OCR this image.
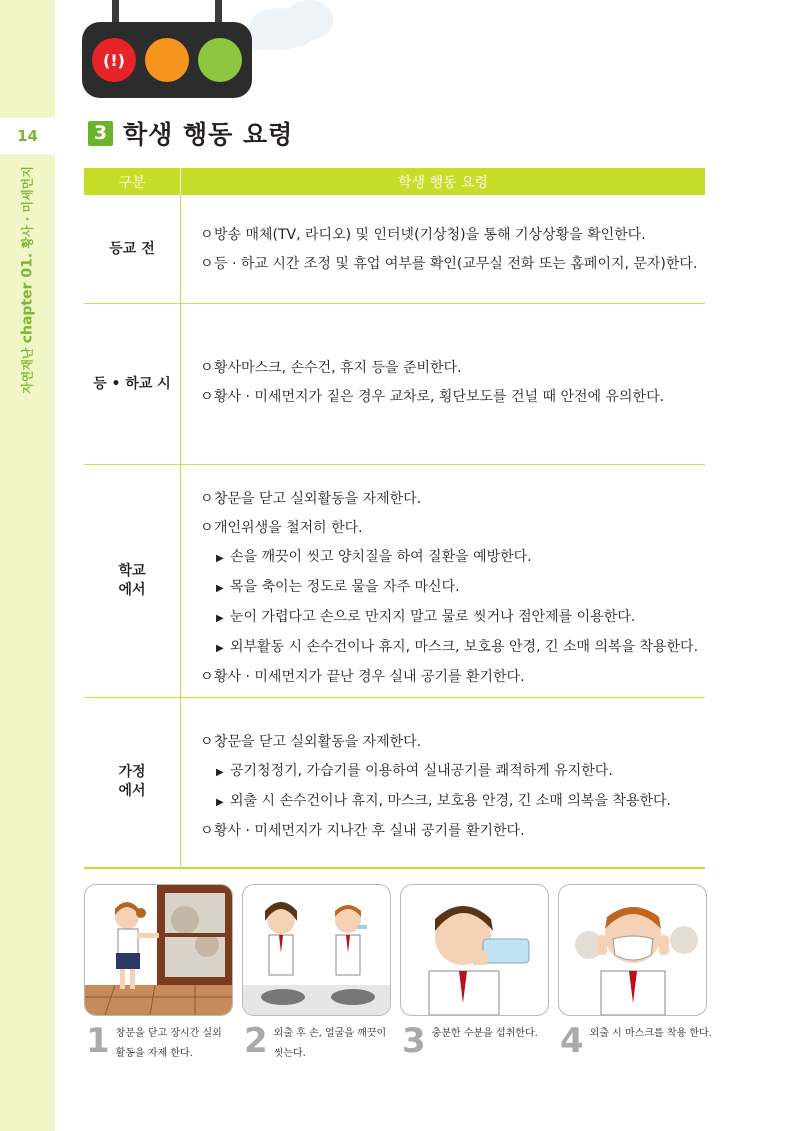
14
자연재난 chapter 01. 황사 · 미세먼지
(!)
3 학생 행동 요령
구분	학생 행동 요령
등교 전
ㅇ방송 매체(TV, 라디오) 및 인터넷(기상청)을 통해 기상상황을 확인한다.
ㅇ등 · 하교 시간 조정 및 휴업 여부를 확인(교무실 전화 또는 홈페이지, 문자)한다.
등 • 하교 시
ㅇ황사마스크, 손수건, 휴지 등을 준비한다.
ㅇ황사 · 미세먼지가 짙은 경우 교차로, 횡단보도를 건널 때 안전에 유의한다.
학교
에서
ㅇ창문을 닫고 실외활동을 자제한다.
ㅇ개인위생을 철저히 한다.
▶ 손을 깨끗이 씻고 양치질을 하여 질환을 예방한다.
▶ 목을 축이는 정도로 물을 자주 마신다.
▶ 눈이 가렵다고 손으로 만지지 말고 물로 씻거나 점안제를 이용한다.
▶ 외부활동 시 손수건이나 휴지, 마스크, 보호용 안경, 긴 소매 의복을 착용한다.
ㅇ황사 · 미세먼지가 끝난 경우 실내 공기를 환기한다.
가정
에서
ㅇ창문을 닫고 실외활동을 자제한다.
▶ 공기청정기, 가습기를 이용하여 실내공기를 쾌적하게 유지한다.
▶ 외출 시 손수건이나 휴지, 마스크, 보호용 안경, 긴 소매 의복을 착용한다.
ㅇ황사 · 미세먼지가 지나간 후 실내 공기를 환기한다.
1 창문을 닫고 장시간 실외
활동을 자제 한다.	2 외출 후 손, 얼굴을 깨끗이
씻는다.	3 충분한 수분을 섭취한다. 4 외출 시 마스크를 착용 한다.
